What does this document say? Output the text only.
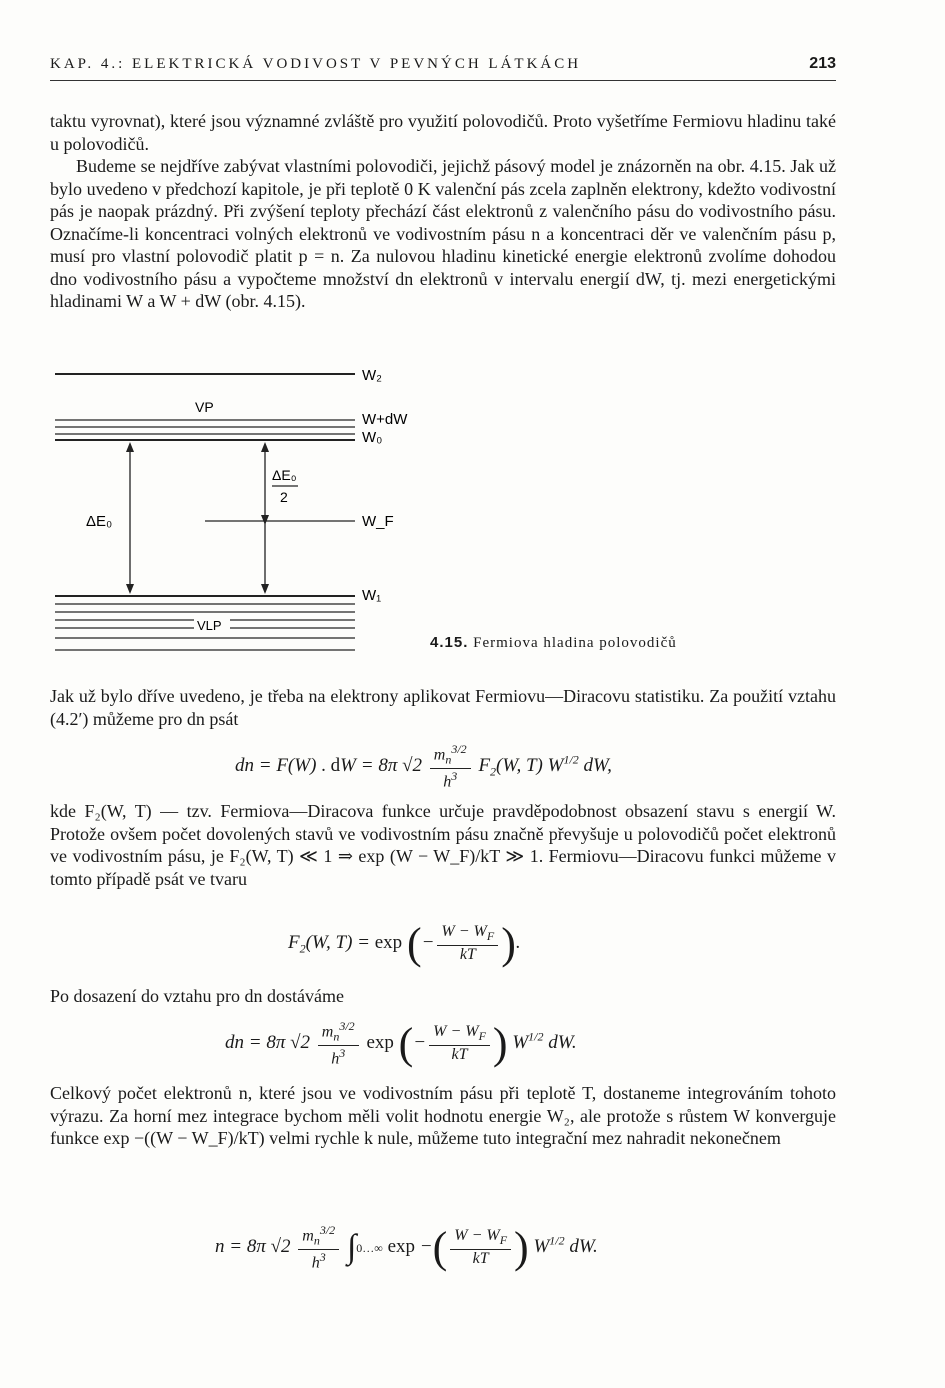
KAP. 4.: ELEKTRICKÁ VODIVOST V PEVNÝCH LÁTKÁCH	213

taktu vyrovnat), které jsou významné zvláště pro využití polovodičů. Proto vyšetříme Fermiovu hladinu také u polovodičů.

Budeme se nejdříve zabývat vlastními polovodiči, jejichž pásový model je znázorněn na obr. 4.15. Jak už bylo uvedeno v předchozí kapitole, je při teplotě 0 K valenční pás zcela zaplněn elektrony, kdežto vodivostní pás je naopak prázdný. Při zvýšení teploty přechází část elektronů z valenčního pásu do vodivostního pásu. Označíme-li koncentraci volných elektronů ve vodivostním pásu n a koncentraci děr ve valenčním pásu p, musí pro vlastní polovodič platit p = n. Za nulovou hladinu kinetické energie elektronů zvolíme dohodou dno vodivostního pásu a vypočteme množství dn elektronů v intervalu energií dW, tj. mezi energetickými hladinami W a W + dW (obr. 4.15).

W₂
VP
W+dW
W₀
ΔE₀
2
ΔE₀	W_F
W₁
VLP
4.15. Fermiova hladina polovodičů

Jak už bylo dříve uvedeno, je třeba na elektrony aplikovat Fermiovu—Diracovu statistiku. Za použití vztahu (4.2′) můžeme pro dn psát

dn = F(W) . dW = 8π $√2 \frac{m_n^{3/2}}{h^3} F_2(W$, T) $W^{1/2}$ dW,

kde F₂(W, T) — tzv. Fermiova—Diracova funkce určuje pravděpodobnost obsazení stavu s energií W. Protože ovšem počet dovolených stavů ve vodivostním pásu značně převyšuje u polovodičů počet elektronů ve vodivostním pásu, je F₂(W, T) ≪ 1 ⇒ exp (W − W_F)/kT ≫ 1. Fermiovu—Diracovu funkci můžeme v tomto případě psát ve tvaru

$F_2(W$, T) = exp (− $\frac{W - W_F}{kT}$ ).

Po dosazení do vztahu pro dn dostáváme

dn = 8π $√2 \frac{m_n^{3/2}}{h^3}$ exp (− $\frac{W - W_F}{kT}$ ) $W^{1/2}$ dW.

Celkový počet elektronů n, které jsou ve vodivostním pásu při teplotě T, dostaneme integrováním tohoto výrazu. Za horní mez integrace bychom měli volit hodnotu energie W₂, ale protože s růstem W konverguje funkce exp −((W − W_F)/kT) velmi rychle k nule, můžeme tuto integrační mez nahradit nekonečnem

n = 8π $√2 \frac{m_n^{3/2}}{h^3}$ ∫0…∞ exp −( $\frac{W - W_F}{kT}$ ) $W^{1/2}$ dW.
